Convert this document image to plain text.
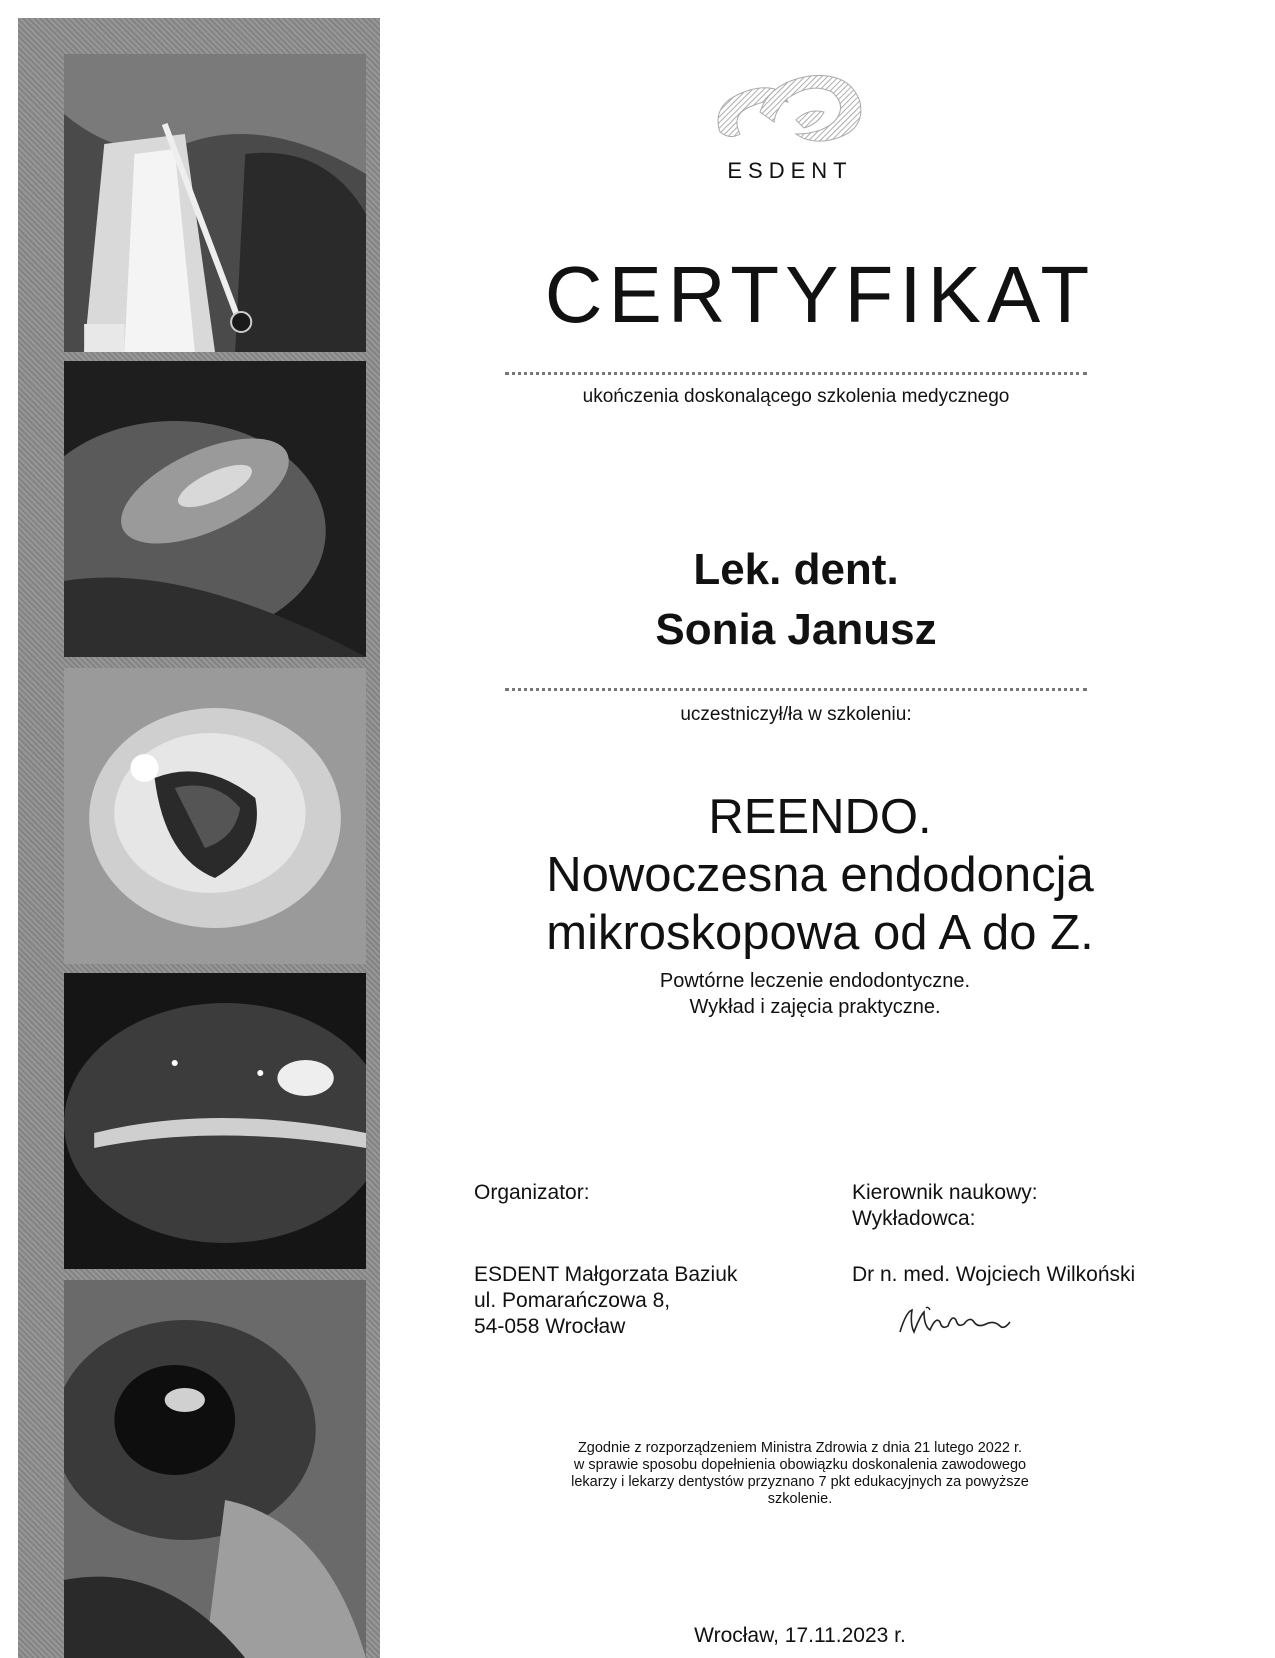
ESDENT
CERTYFIKAT
ukończenia doskonalącego szkolenia medycznego
Lek. dent.
Sonia Janusz
uczestniczył/ła w szkoleniu:
REENDO.
Nowoczesna endodoncja
mikroskopowa od A do Z.
Powtórne leczenie endodontyczne.
Wykład i zajęcia praktyczne.
Organizator:
ESDENT Małgorzata Baziuk
ul. Pomarańczowa 8,
54-058 Wrocław
Kierownik naukowy:
Wykładowca:
Dr n. med. Wojciech Wilkoński
Zgodnie z rozporządzeniem Ministra Zdrowia z dnia 21 lutego 2022 r.
w sprawie sposobu dopełnienia obowiązku doskonalenia zawodowego
lekarzy i lekarzy dentystów przyznano 7 pkt edukacyjnych za powyższe
szkolenie.
Wrocław, 17.11.2023 r.
